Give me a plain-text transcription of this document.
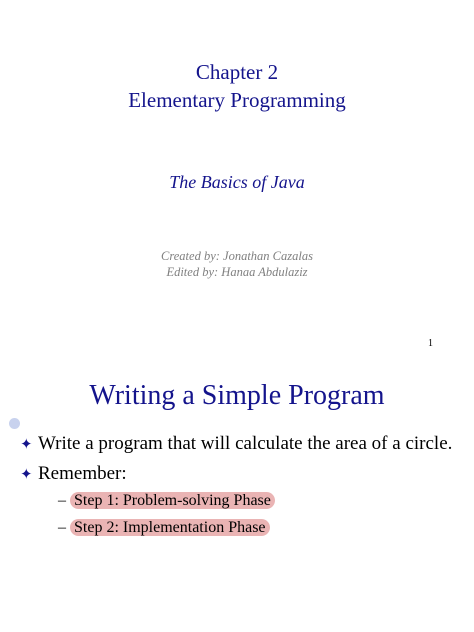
Chapter 2
Elementary Programming
The Basics of Java
Created by: Jonathan Cazalas
Edited by: Hanaa Abdulaziz
1
Writing a Simple Program
✦ Write a program that will calculate the area of a circle.
✦ Remember:
– Step 1: Problem-solving Phase
– Step 2: Implementation Phase
